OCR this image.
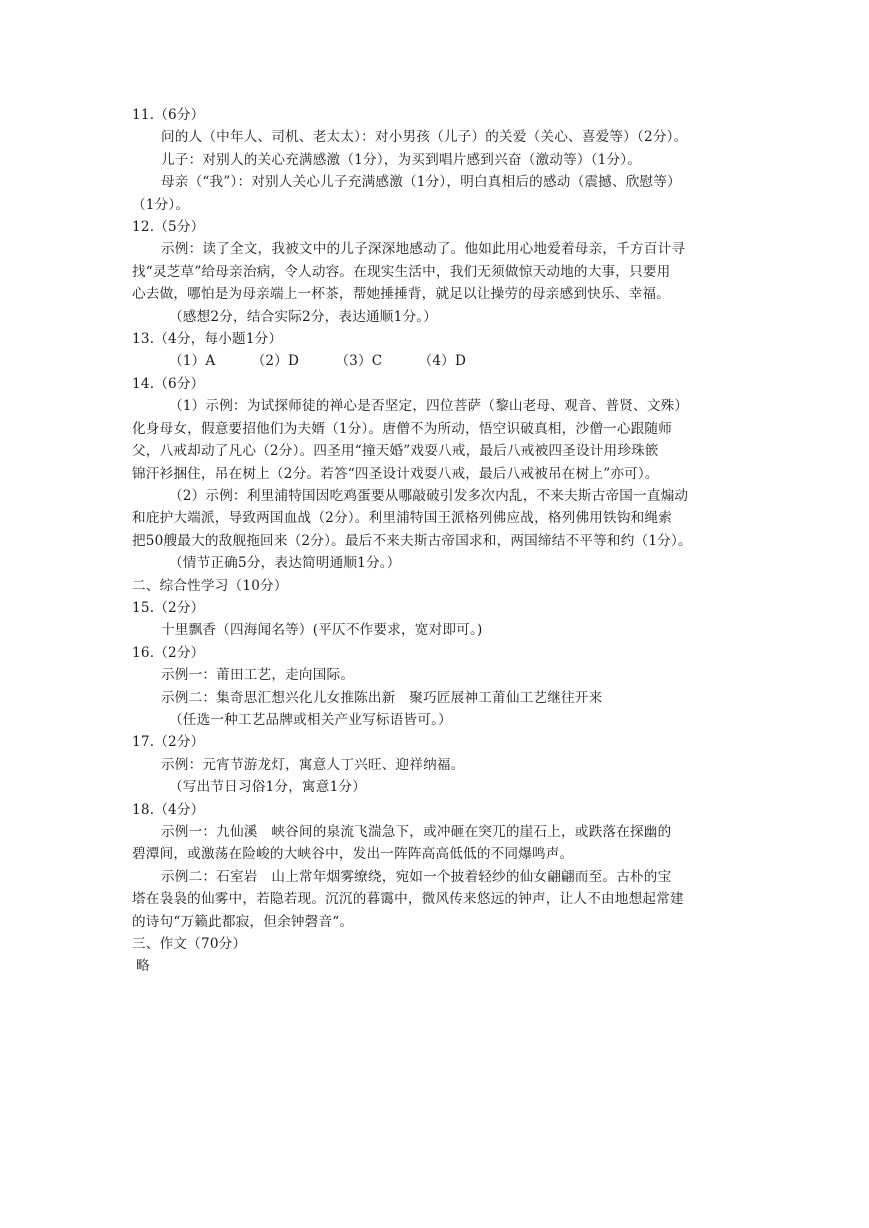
11.（6分）
问的人（中年人、司机、老太太）：对小男孩（儿子）的关爱（关心、喜爱等）（2分）。
儿子：对别人的关心充满感激（1分），为买到唱片感到兴奋（激动等）（1分）。
母亲（“我”）：对别人关心儿子充满感激（1分），明白真相后的感动（震撼、欣慰等）
（1分）。
12.（5分）
示例：读了全文，我被文中的儿子深深地感动了。他如此用心地爱着母亲，千方百计寻
找“灵芝草”给母亲治病，令人动容。在现实生活中，我们无须做惊天动地的大事，只要用
心去做，哪怕是为母亲端上一杯茶，帮她捶捶背，就足以让操劳的母亲感到快乐、幸福。
（感想2分，结合实际2分，表达通顺1分。）
13.（4分，每小题1分）
（1）A        （2）D        （3）C        （4）D
14.（6分）
（1）示例：为试探师徒的禅心是否坚定，四位菩萨（黎山老母、观音、普贤、文殊）
化身母女，假意要招他们为夫婿（1分）。唐僧不为所动，悟空识破真相，沙僧一心跟随师
父，八戒却动了凡心（2分）。四圣用“撞天婚”戏耍八戒，最后八戒被四圣设计用珍珠篏
锦汗衫捆住，吊在树上（2分。若答“四圣设计戏耍八戒，最后八戒被吊在树上”亦可）。
（2）示例：利里浦特国因吃鸡蛋要从哪敲破引发多次内乱，不来夫斯古帝国一直煽动
和庇护大端派，导致两国血战（2分）。利里浦特国王派格列佛应战，格列佛用铁钩和绳索
把50艘最大的敌舰拖回来（2分）。最后不来夫斯古帝国求和，两国缔结不平等和约（1分）。
（情节正确5分，表达简明通顺1分。）
二、综合性学习（10分）
15.（2分）
十里飘香（四海闻名等）(平仄不作要求，宽对即可。)
16.（2分）
示例一：莆田工艺，走向国际。
示例二：集奇思汇想兴化儿女推陈出新　聚巧匠展神工莆仙工艺继往开来
（任选一种工艺品牌或相关产业写标语皆可。）
17.（2分）
示例：元宵节游龙灯，寓意人丁兴旺、迎祥纳福。
（写出节日习俗1分，寓意1分）
18.（4分）
示例一：九仙溪　峡谷间的泉流飞湍急下，或冲砸在突兀的崖石上，或跌落在探幽的
碧潭间，或激荡在险峻的大峡谷中，发出一阵阵高高低低的不同爆鸣声。
示例二：石室岩　山上常年烟雾缭绕，宛如一个披着轻纱的仙女翩翩而至。古朴的宝
塔在袅袅的仙雾中，若隐若现。沉沉的暮霭中，微风传来悠远的钟声，让人不由地想起常建
的诗句“万籁此都寂，但余钟磬音“。
三、作文（70分）
略
